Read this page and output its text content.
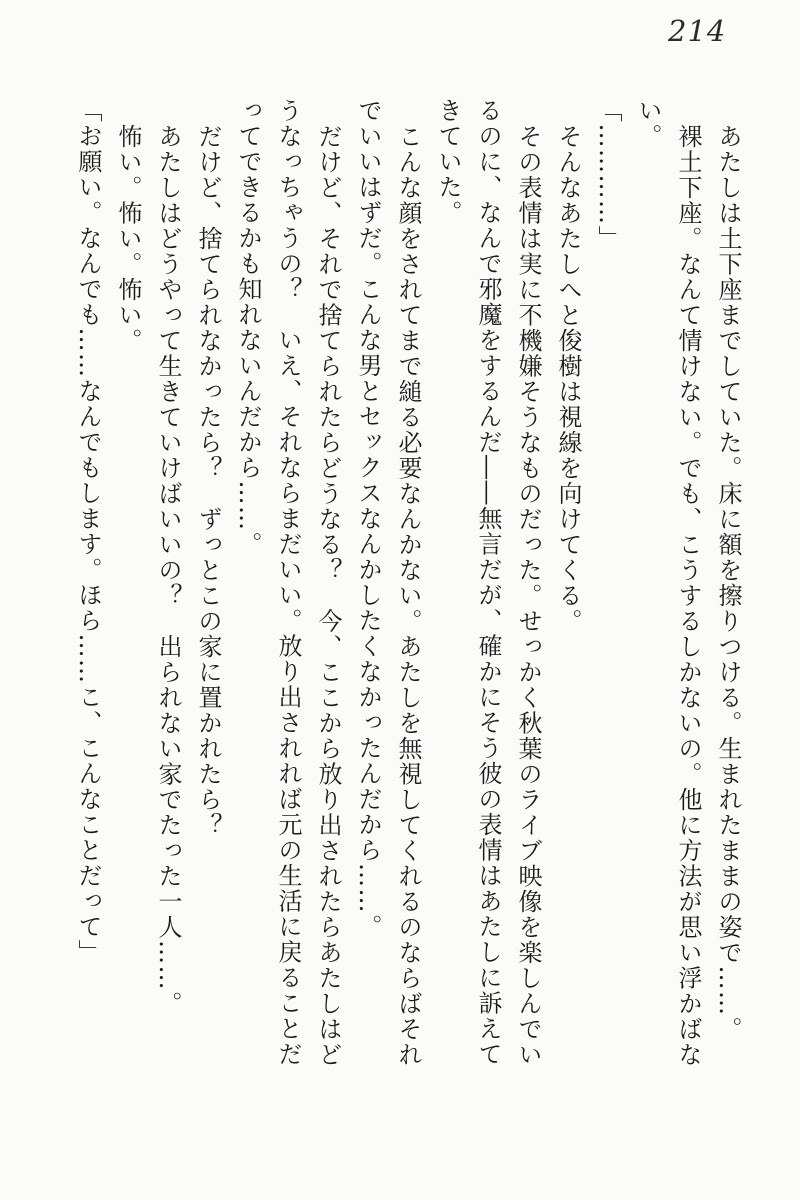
214

あたしは土下座までしていた。床に額を擦りつける。生まれたままの姿で……。

裸土下座。なんて情けない。でも、こうするしかないの。他に方法が思い浮かばない。

「…………」

そんなあたしへと俊樹は視線を向けてくる。

その表情は実に不機嫌そうなものだった。せっかく秋葉のライブ映像を楽しんでいるのに、なんで邪魔をするんだ――無言だが、確かにそう彼の表情はあたしに訴えてきていた。

こんな顔をされてまで縋る必要なんかない。あたしを無視してくれるのならばそれでいいはずだ。こんな男とセックスなんかしたくなかったんだから……。

だけど、それで捨てられたらどうなる？　今、ここから放り出されたらあたしはどうなっちゃうの？　いえ、それならまだいい。放り出されれば元の生活に戻ることだってできるかも知れないんだから……。

だけど、捨てられなかったら？　ずっとこの家に置かれたら？

あたしはどうやって生きていけばいいの？　出られない家でたった一人……。

怖い。怖い。怖い。

「お願い。なんでも……なんでもします。ほら……こ、こんなことだって」
